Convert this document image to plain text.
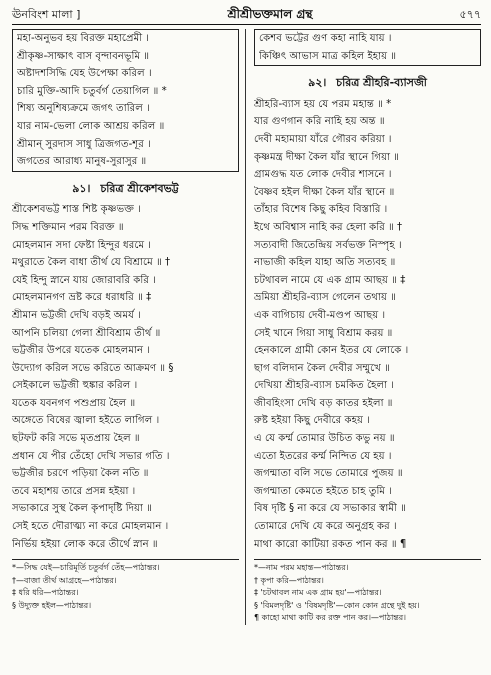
ঊনবিংশ মালা ]	শ্রীশ্রীভক্তমাল গ্রন্থ	৫৭৭
মহা-অনুভব হয় বিরক্ত মহাপ্রেমী ।
শ্রীকৃষ্ণ-সাক্ষাৎ বাস বৃন্দাবনভূমি ॥
অষ্টাদশসিদ্ধি যেহ উপেক্ষা করিল ।
চারি মুক্তি-আদি চতুর্বর্গ তেয়াগিল ॥ *
শিষ্য অনুশিষ্যক্রমে জগৎ তারিল ।
যার নাম-ভেলা লোক আশ্রয় করিল ॥
শ্রীমান্ সুরদাস সাধু ত্রিজগত-শূর ।
জগতের আরাধ্য মানুষ-সুরাসুর ॥
৯১। চরিত্র শ্রীকেশবভট্ট
শ্রীকেশবভট্ট শাস্ত শিষ্ট কৃষ্ণভক্ত ।
সিদ্ধ শক্তিমান পরম বিরক্ত ॥
মোহলমান সদা ফেষ্টা হিন্দুর ধরমে ।
মথুরাতে কৈল বাধা তীর্থ যে বিশ্রামে ॥ †
যেই হিন্দু স্নানে যায় জোরাবরি করি ।
মোহলমানগণ ভ্রষ্ট করে ধরাধরি ॥ ‡
শ্রীমান ভট্টজী দেখি বড়ই অমর্য ।
আপনি চলিয়া গেলা শ্রীবিশ্রাম তীর্থ ॥
ভট্টজীর উপরে যতেক মোহলমান ।
উদ্যোগ করিল সভে করিতে আক্রমণ ॥ §
সেইকালে ভট্টজী হুঙ্কার করিল ।
যতেক যবনগণ পশুপ্রায় হৈল ॥
অঙ্গেতে বিষের জ্বালা হইতে লাগিল ।
ছটফট করি সভে মৃতপ্রায় হৈল ॥
প্রধান যে পীর তেঁহো দেখি সভার গতি ।
ভট্টজীর চরণে পড়িয়া কৈল নতি ॥
তবে মহাশয় তারে প্রসন্ন হইয়া ।
সভাকারে সুস্থ কৈল কৃপাদৃষ্টি দিয়া ॥
সেই হতে দৌরাত্ম্য না করে মোহলমান ।
নির্ভিয় হইয়া লোক করে তীর্থে স্নান ॥
*—সিদ্ধ যেই—চারিমূর্তি চতুর্বর্গ তেঁহ—পাঠান্তর।
†—বাজা তীর্থ আগ্রহে—পাঠান্তর।
‡ ধরি ধরি—পাঠান্তর।
§ উদ্যুক্ত হইল—পাঠান্তর।
কেশব ভট্টের গুণ কহা নাহি যায় ।
কিঞ্চিৎ আভাস মাত্র কহিল ইহায় ॥
৯২। চরিত্র শ্রীহরি-ব্যাসজী
শ্রীহরি-ব্যাস হয় যে পরম মহান্ত ॥ *
যার গুণগান করি নাহি হয় অন্ত ॥
দেবী মহামায়া যাঁরে গৌরব করিয়া ।
কৃষ্ণমন্ত্র দীক্ষা কৈল যাঁর স্থানে গিয়া ॥
গ্রামগুদ্ধ যত লোক দেবীর শাসনে ।
বৈষ্ণব হইল দীক্ষা কৈল যাঁর স্থানে ॥
তাঁহার বিশেষ কিছু কহিব বিস্তারি ।
ইথে অবিশ্বাস নাহি কর হেলা করি ॥ †
সত্যবাদী জিতেন্দ্রিয় সর্বভক্ত নিস্পৃহ ।
নাভাজী কহিল যাহা অতি সত্যবহ ॥
চটথাবল নামে যে এক গ্রাম আছয় ॥ ‡
ভ্রমিয়া শ্রীহরি-ব্যাস গেলেন তথায় ॥
এক বাগিচায় দেবী-মণ্ডপ আছয় ।
সেই খানে গিয়া সাধু বিশ্রাম করয় ॥
হেনকালে গ্রামী কোন ইতর যে লোকে ।
ছাগ বলিদান কৈল দেবীর সম্মুখে ॥
দেখিয়া শ্রীহরি-ব্যাস চমকিত হৈলা ।
জীবহিংসা দেখি বড় কাতর হইলা ॥
রুষ্ট হইয়া কিছু দেবীরে কহয় ।
এ যে কর্ম্ম তোমার উচিত কভু নয় ॥
এতো ইতরের কর্ম্ম নিন্দিত যে হয় ।
জগন্মাতা বলি সভে তোমারে পুজয় ॥
জগন্মাতা কেমতে হইতে চাহ তুমি ।
বিষ দৃষ্টি § না করে যে সভাকার স্বামী ॥
তোমারে দেখি যে করে অনুগ্রহ কর ।
মাথা কারো কাটিয়া রকত পান কর ॥ ¶
*—নাম পরম মহান্ত—পাঠান্তর।
† কৃপা করি—পাঠান্তর।
‡ 'চটথাবল নাম এক গ্রাম হয়'—পাঠান্তর।
§ 'বিমলদৃষ্টি' ও 'বিষমদৃষ্টি'—কোন কোন গ্রন্থে দুই হয়।
¶ কাহো মাথা কাটি কর রক্ত পান কর।—পাঠান্তর।
